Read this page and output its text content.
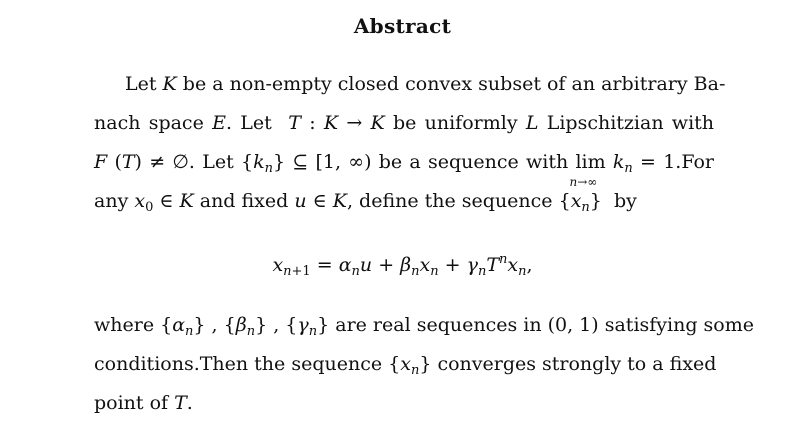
Abstract
Let K be a non-empty closed convex subset of an arbitrary Ba-
nach space E. Let  T : K → K be uniformly L Lipschitzian with
F (T) ≠ ∅. Let $\{k_n\}$ ⊆ [1, ∞) be a sequence with lim
n→∞
$k_n = 1.For$
any $x_0$ ∈ K and fixed u ∈ K, define the sequence $\{x_n\}$  by
$x_{n+1} = \alpha_nu + \beta_nx_n + \gamma_nT^nx_n$,
where $\{\alpha_n\}$ , $\{\beta_n\}$ , $\{\gamma_n\}$ are real sequences in (0, 1) satisfying some
conditions.Then the sequence $\{x_n\}$ converges strongly to a fixed
point of T.
